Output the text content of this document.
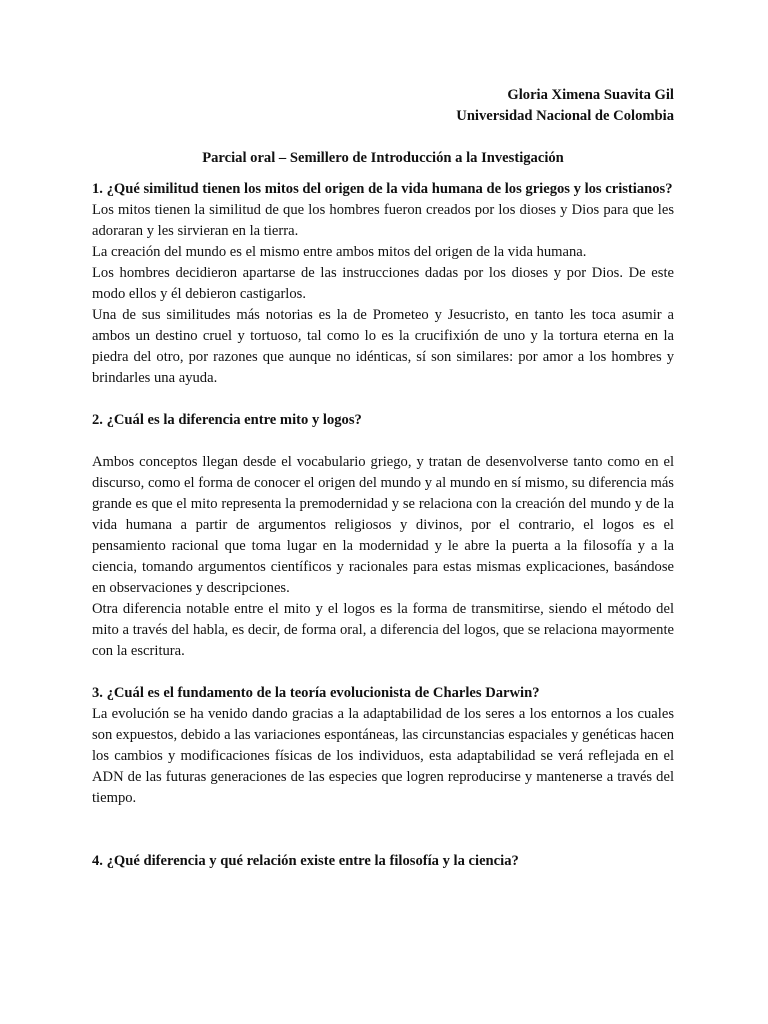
Gloria Ximena Suavita Gil
Universidad Nacional de Colombia
Parcial oral – Semillero de Introducción a la Investigación
1. ¿Qué similitud tienen los mitos del origen de la vida humana de los griegos y los cristianos?

Los mitos tienen la similitud de que los hombres fueron creados por los dioses y Dios para que les adoraran y les sirvieran en la tierra.

La creación del mundo es el mismo entre ambos mitos del origen de la vida humana.

Los hombres decidieron apartarse de las instrucciones dadas por los dioses y por Dios. De este modo ellos y él debieron castigarlos.

Una de sus similitudes más notorias es la de Prometeo y Jesucristo, en tanto les toca asumir a ambos un destino cruel y tortuoso, tal como lo es la crucifixión de uno y la tortura eterna en la piedra del otro, por razones que aunque no idénticas, sí son similares: por amor a los hombres y brindarles una ayuda.

2. ¿Cuál es la diferencia entre mito y logos?

Ambos conceptos llegan desde el vocabulario griego, y tratan de desenvolverse tanto como en el discurso, como el forma de conocer el origen del mundo y al mundo en sí mismo, su diferencia más grande es que el mito representa la premodernidad y se relaciona con la creación del mundo y de la vida humana a partir de argumentos religiosos y divinos, por el contrario, el logos es el pensamiento racional que toma lugar en la modernidad y le abre la puerta a la filosofía y a la ciencia, tomando argumentos científicos y racionales para estas mismas explicaciones, basándose en observaciones y descripciones.

Otra diferencia notable entre el mito y el logos es la forma de transmitirse, siendo el método del mito a través del habla, es decir, de forma oral, a diferencia del logos, que se relaciona mayormente con la escritura.

3. ¿Cuál es el fundamento de la teoría evolucionista de Charles Darwin?

La evolución se ha venido dando gracias a la adaptabilidad de los seres a los entornos a los cuales son expuestos, debido a las variaciones espontáneas, las circunstancias espaciales y genéticas hacen los cambios y modificaciones físicas de los individuos, esta adaptabilidad se verá reflejada en el ADN de las futuras generaciones de las especies que logren reproducirse y mantenerse a través del tiempo.

4. ¿Qué diferencia y qué relación existe entre la filosofía y la ciencia?
